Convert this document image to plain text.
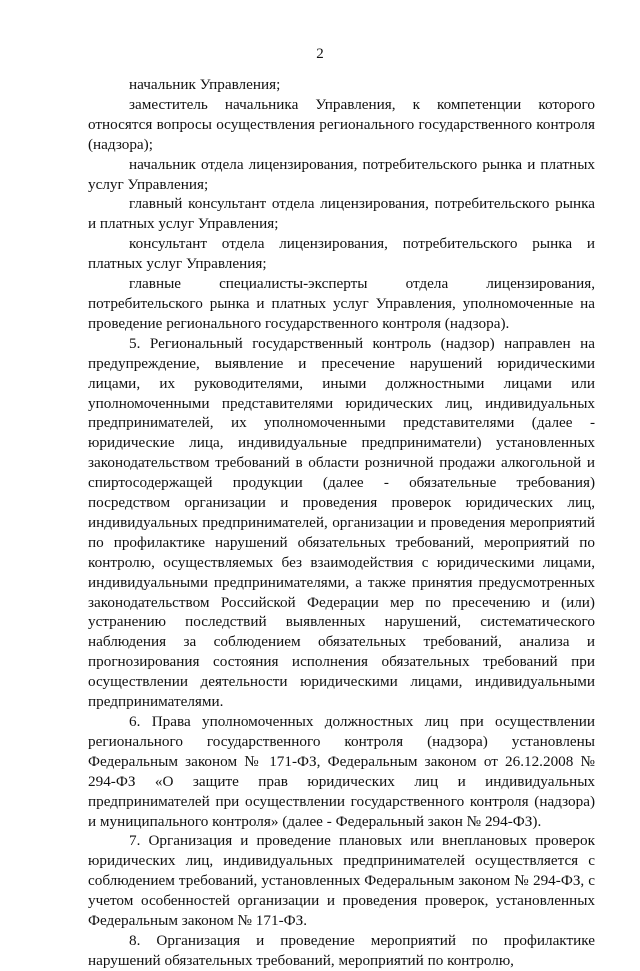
2

начальник Управления;

заместитель начальника Управления, к компетенции которого относятся вопросы осуществления регионального государственного контроля (надзора);

начальник отдела лицензирования, потребительского рынка и платных услуг Управления;

главный консультант отдела лицензирования, потребительского рынка и платных услуг Управления;

консультант отдела лицензирования, потребительского рынка и платных услуг Управления;

главные специалисты-эксперты отдела лицензирования, потребительского рынка и платных услуг Управления, уполномоченные на проведение регионального государственного контроля (надзора).

5. Региональный государственный контроль (надзор) направлен на предупреждение, выявление и пресечение нарушений юридическими лицами, их руководителями, иными должностными лицами или уполномоченными представителями юридических лиц, индивидуальных предпринимателей, их уполномоченными представителями (далее - юридические лица, индивидуальные предприниматели) установленных законодательством требований в области розничной продажи алкогольной и спиртосодержащей продукции (далее - обязательные требования) посредством организации и проведения проверок юридических лиц, индивидуальных предпринимателей, организации и проведения мероприятий по профилактике нарушений обязательных требований, мероприятий по контролю, осуществляемых без взаимодействия с юридическими лицами, индивидуальными предпринимателями, а также принятия предусмотренных законодательством Российской Федерации мер по пресечению и (или) устранению последствий выявленных нарушений, систематического наблюдения за соблюдением обязательных требований, анализа и прогнозирования состояния исполнения обязательных требований при осуществлении деятельности юридическими лицами, индивидуальными предпринимателями.

6. Права уполномоченных должностных лиц при осуществлении регионального государственного контроля (надзора) установлены Федеральным законом № 171-ФЗ, Федеральным законом от 26.12.2008 № 294-ФЗ «О защите прав юридических лиц и индивидуальных предпринимателей при осуществлении государственного контроля (надзора) и муниципального контроля» (далее - Федеральный закон № 294-ФЗ).

7. Организация и проведение плановых или внеплановых проверок юридических лиц, индивидуальных предпринимателей осуществляется с соблюдением требований, установленных Федеральным законом № 294-ФЗ, с учетом особенностей организации и проведения проверок, установленных Федеральным законом № 171-ФЗ.

8. Организация и проведение мероприятий по профилактике нарушений обязательных требований, мероприятий по контролю,
